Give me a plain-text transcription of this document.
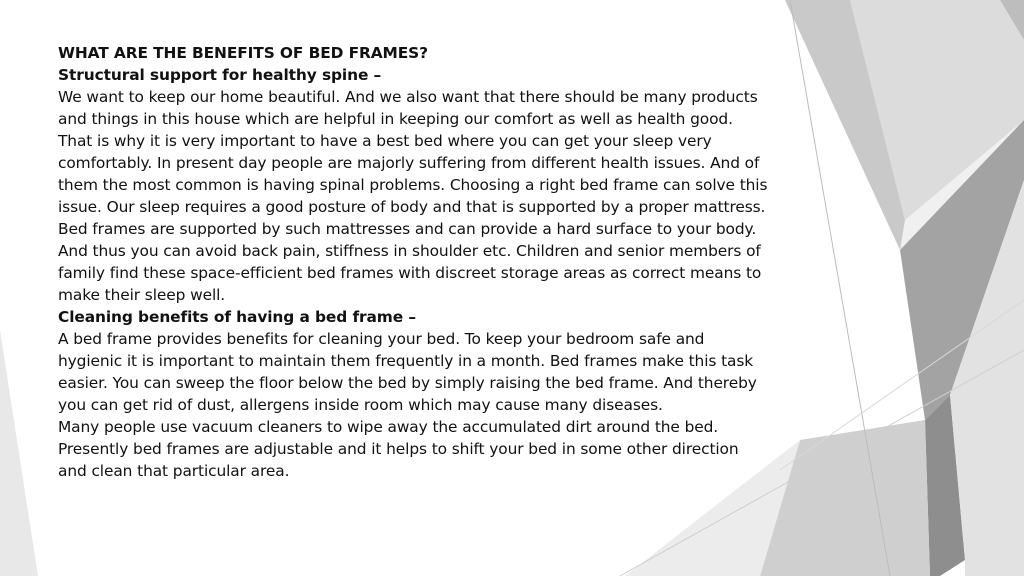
WHAT ARE THE BENEFITS OF BED FRAMES?

Structural support for healthy spine –

We want to keep our home beautiful. And we also want that there should be many products and things in this house which are helpful in keeping our comfort as well as health good. That is why it is very important to have a best bed where you can get your sleep very comfortably. In present day people are majorly suffering from different health issues. And of them the most common is having spinal problems. Choosing a right bed frame can solve this issue. Our sleep requires a good posture of body and that is supported by a proper mattress. Bed frames are supported by such mattresses and can provide a hard surface to your body. And thus you can avoid back pain, stiffness in shoulder etc. Children and senior members of family find these space-efficient bed frames with discreet storage areas as correct means to make their sleep well.

Cleaning benefits of having a bed frame –

A bed frame provides benefits for cleaning your bed. To keep your bedroom safe and hygienic it is important to maintain them frequently in a month. Bed frames make this task easier. You can sweep the floor below the bed by simply raising the bed frame. And thereby you can get rid of dust, allergens inside room which may cause many diseases.

Many people use vacuum cleaners to wipe away the accumulated dirt around the bed. Presently bed frames are adjustable and it helps to shift your bed in some other direction and clean that particular area.
